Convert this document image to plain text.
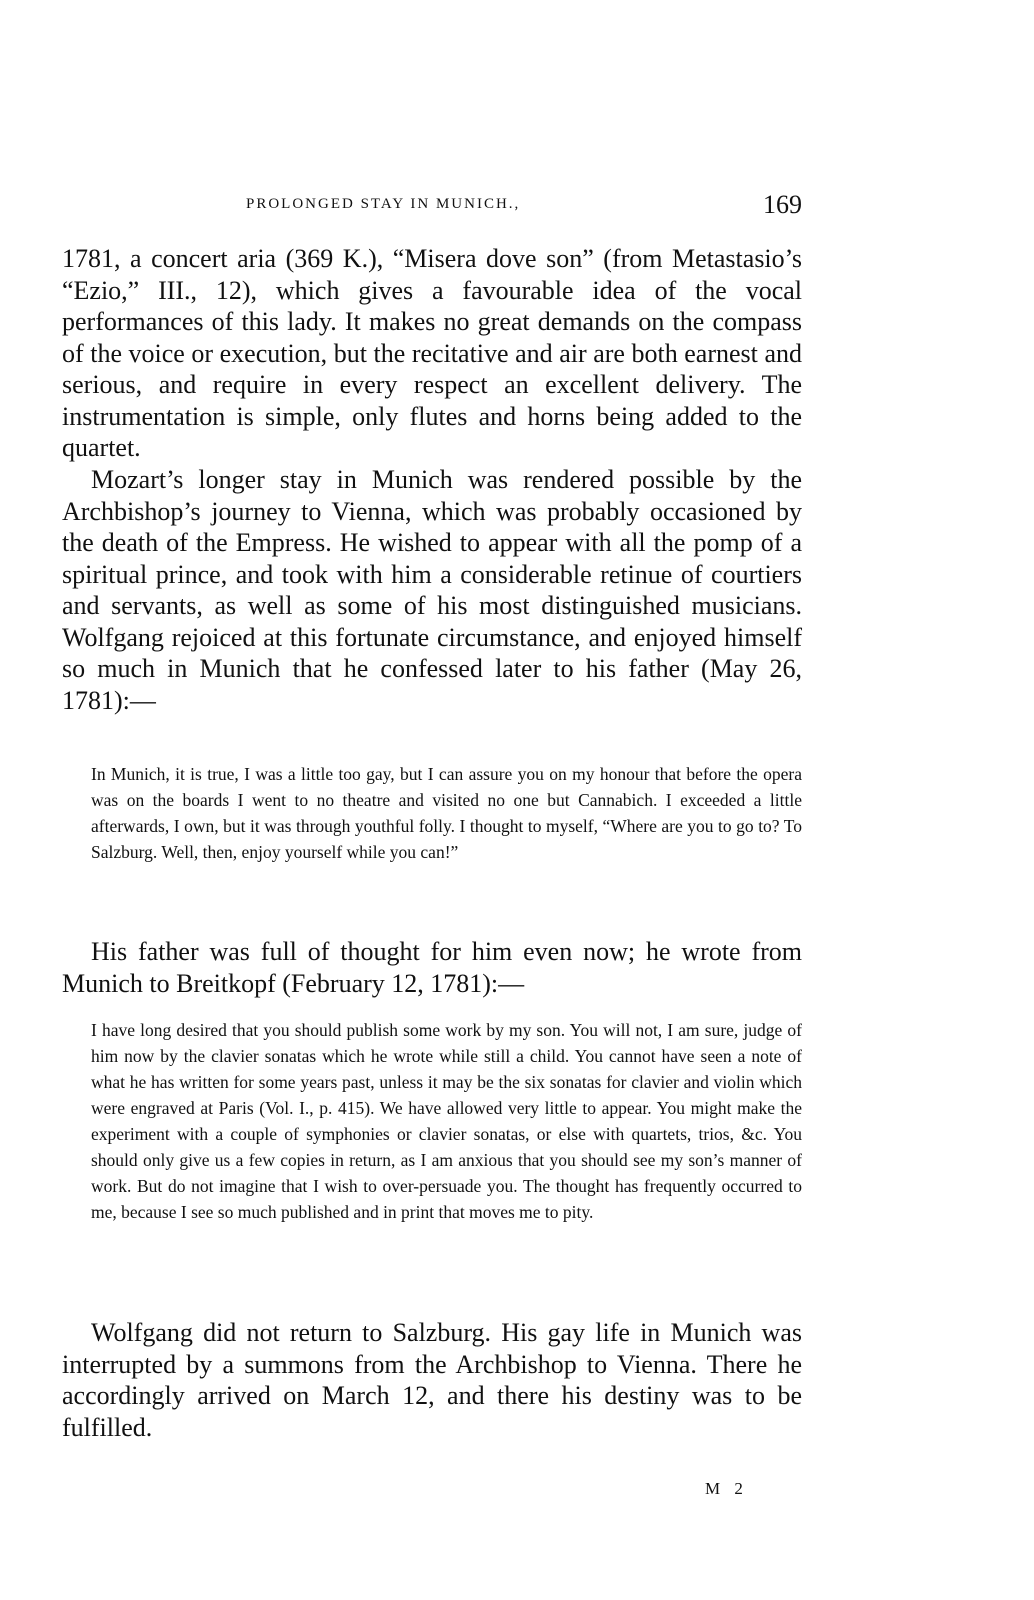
PROLONGED STAY IN MUNICH.,	169

1781, a concert aria (369 K.), “Misera dove son” (from Metastasio’s “Ezio,” III., 12), which gives a favourable idea of the vocal performances of this lady. It makes no great demands on the compass of the voice or execution, but the recitative and air are both earnest and serious, and require in every respect an excellent delivery. The instrumentation is simple, only flutes and horns being added to the quartet.

Mozart’s longer stay in Munich was rendered possible by the Archbishop’s journey to Vienna, which was probably occasioned by the death of the Empress. He wished to appear with all the pomp of a spiritual prince, and took with him a considerable retinue of courtiers and servants, as well as some of his most distinguished musicians. Wolfgang rejoiced at this fortunate circumstance, and enjoyed himself so much in Munich that he confessed later to his father (May 26, 1781):—

In Munich, it is true, I was a little too gay, but I can assure you on my honour that before the opera was on the boards I went to no theatre and visited no one but Cannabich. I exceeded a little afterwards, I own, but it was through youthful folly. I thought to myself, “Where are you to go to? To Salzburg. Well, then, enjoy yourself while you can!”

His father was full of thought for him even now; he wrote from Munich to Breitkopf (February 12, 1781):—

I have long desired that you should publish some work by my son. You will not, I am sure, judge of him now by the clavier sonatas which he wrote while still a child. You cannot have seen a note of what he has written for some years past, unless it may be the six sonatas for clavier and violin which were engraved at Paris (Vol. I., p. 415). We have allowed very little to appear. You might make the experiment with a couple of symphonies or clavier sonatas, or else with quartets, trios, &c. You should only give us a few copies in return, as I am anxious that you should see my son’s manner of work. But do not imagine that I wish to over-persuade you. The thought has frequently occurred to me, because I see so much published and in print that moves me to pity.

Wolfgang did not return to Salzburg. His gay life in Munich was interrupted by a summons from the Archbishop to Vienna. There he accordingly arrived on March 12, and there his destiny was to be fulfilled.

M 2
